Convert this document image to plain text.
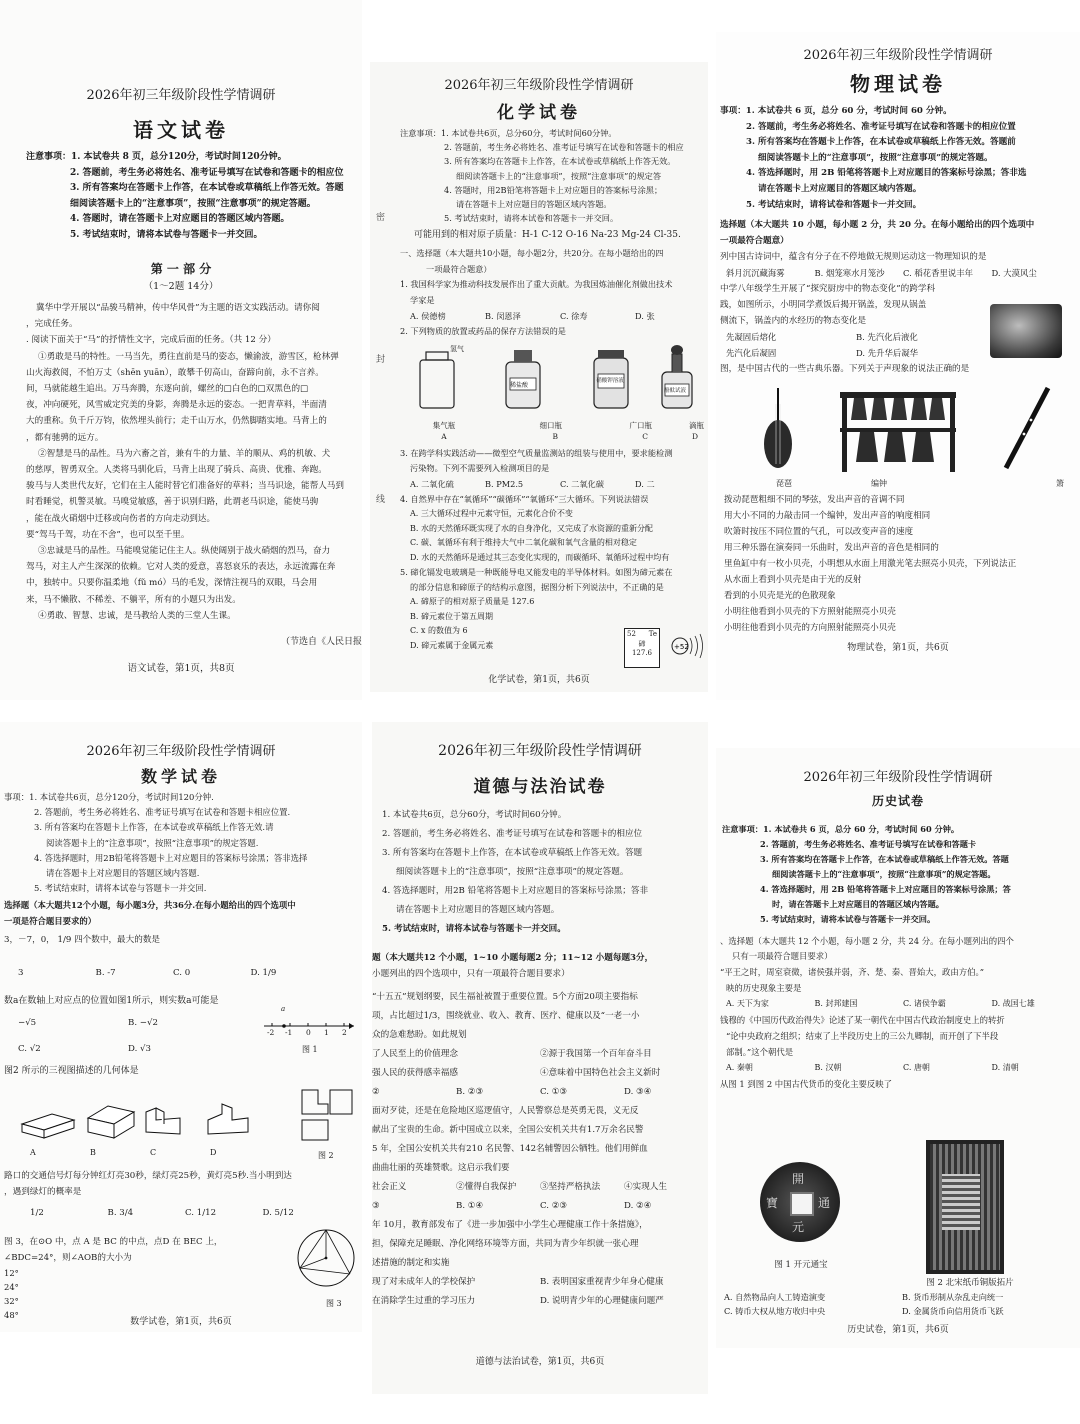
2026年初三年级阶段性学情调研
语文试卷
注意事项：1. 本试卷共 8 页，总分120分，考试时间120分钟。
2. 答题前，考生务必将姓名、准考证号填写在试卷和答题卡的相应位
3. 所有答案均在答题卡上作答，在本试卷或草稿纸上作答无效。答题
细阅读答题卡上的“注意事项”，按照“注意事项”的规定答题。
4. 答题时，请在答题卡上对应题目的答题区域内答题。
5. 考试结束时，请将本试卷与答题卡一并交回。
第 一 部 分
（1～2题 14分）
冀华中学开展以“品骏马精神，传中华风骨”为主题的语文实践活动。请你阅
，完成任务。
. 阅读下面关于“马”的抒情性文字，完成后面的任务。（共 12 分）
①勇敢是马的特性。一马当先，勇往直前是马的姿态，懒渝波，游雪区，枪林弹
山火海救阅，不怕万丈（shēn yuān），敢攀千仞高山，奋蹄向前，永不言养。
间，马就能越生追出。万马奔腾，东逐向前，螺丝的□白色的□双黑色的□
夜，冲向硬死，风雪威定究美的身影，奔腾是永远的姿态。一把青草料，半面清
大的重称。负千斤万钧，依然埋头前行；走千山万水，仍然脚踏实地。马背上的
，都有驰骋的远方。
②智慧是马的品性。马为六畜之首，兼有牛的力量、羊的顺从、鸡的机敏、犬
的慈厚，智勇双全。人类将马驯化后，马背上出现了骑兵、高贵、优雅、奔跑。
骏马与人类世代友好，它们在主人能时替它们准备好的草料；当马识途，能帮人马到
时看睡觉，机警灵敏。马嗅觉敏感，善于识别归路，此谓老马识途，能使马驹
，能在战火硝烟中迁移或向伤者的方向走动到达。
要“驾马千驾，功在不舍”，也可以至千里。
③忠诚是马的品性。马能嗅觉能记住主人。纵使阔别于战火硝烟的烈马，奋力
驾马，对主人产生深深的依赖。它对人类的爱意，喜怒哀乐的表达，永远流露在奔
中，独转中。只要你温柔地（fǔ mó）马的毛发，深情注视马的双眼，马会用
来，马不懒散、不稀差、不躺平，所有的小题只为出发。
④勇敢、智慧、忠诚，是马教给人类的三堂人生课。
（节选自《人民日报
语文试卷，第1页，共8页
2026年初三年级阶段性学情调研
化学试卷
密
封
线
注意事项：1. 本试卷共6页，总分60分，考试时间60分钟。
2. 答题前，考生务必将姓名、准考证号填写在试卷和答题卡的相应
3. 所有答案均在答题卡上作答，在本试卷或草稿纸上作答无效。
细阅读答题卡上的“注意事项”，按照“注意事项”的规定答
4. 答题时，用2B铅笔将答题卡上对应题目的答案标号涂黑；
请在答题卡上对应题目的答题区域内答题。
5. 考试结束时，请将本试卷和答题卡一并交回。
可能用到的相对原子质量：H-1 C-12 O-16 Na-23 Mg-24 Cl-35.
一、选择题（本大题共10小题，每小题2分，共20分。在每小题给出的四
一项最符合题意）
1. 我国科学家为推动科技发展作出了重大贡献。为我国炼油催化剂做出技术
学家是
A. 侯德榜	B. 闵恩泽	C. 徐寿	D. 张
2. 下列物质的放置或药品的保存方法错误的是
氢气
稀盐酸
硝酸钾溶液
酚酞试液
集气瓶	细口瓶	广口瓶	滴瓶
A	B	C	D
3. 在跨学科实践活动——微型空气质量监测站的组装与使用中，要求能检测
污染物。下列不需要列入检测项目的是
A. 二氧化硫	B. PM2.5	C. 二氧化碳	D. 二
4. 自然界中存在“氧循环”“碳循环”“氧循环”三大循环。下列说法错误
A. 三大循环过程中元素守恒，元素化合价不变
B. 水的天然循环既实现了水的自身净化，又完成了水资源的重新分配
C. 碳、氧循环有利于维持大气中二氧化碳和氧气含量的相对稳定
D. 水的天然循环是通过其三态变化实现的，而碳循环、氧循环过程中均有
5. 碲化镉发电玻璃是一种既能导电又能发电的半导体材料。如图为碲元素在
的部分信息和碲原子的结构示意图，据图分析下列说法中，不正确的是
A. 碲原子的相对原子质量是 127.6
B. 碲元素位于第五周期
C. x 的数值为 6
D. 碲元素属于金属元素
52 Te
碲
127.6
+52
化学试卷，第1页，共6页
2026年初三年级阶段性学情调研
物理试卷
事项：1. 本试卷共 6 页，总分 60 分，考试时间 60 分钟。
2. 答题前，考生务必将姓名、准考证号填写在试卷和答题卡的相应位置
3. 所有答案均在答题卡上作答，在本试卷或草稿纸上作答无效。答题前
细阅读答题卡上的“注意事项”，按照“注意事项”的规定答题。
4. 答选择题时，用 2B 铅笔将答题卡上对应题目的答案标号涂黑；答非选
请在答题卡上对应题目的答题区域内答题。
5. 考试结束时，请将试卷和答题卡一并交回。
选择题（本大题共 10 小题，每小题 2 分，共 20 分。在每小题给出的四个选项中
一项最符合题意）
列中国古诗词中，蕴含有分子在不停地做无规则运动这一物理知识的是
斜月沉沉藏海雾	B. 烟笼寒水月笼沙	C. 稻花香里说丰年	D. 大漠风尘
中学八年级学生开展了“探究厨房中的物态变化”的跨学科
践，如图所示，小明同学煮饭后揭开锅盖，发现从锅盖
侧流下，锅盖内的水经历的物态变化是
先凝固后熔化	B. 先汽化后液化
先汽化后凝固	D. 先升华后凝华
图，是中国古代的一些古典乐器。下列关于声现象的说法正确的是
琵琶	编钟	箫
拨动琵琶粗细不同的琴弦，发出声音的音调不同
用大小不同的力敲击同一个编钟，发出声音的响度相同
吹箫时按压不同位置的气孔，可以改变声音的速度
用三种乐器在演奏同一乐曲时，发出声音的音色是相同的
里鱼缸中有一枚小贝壳，小明想从水面上用激光笔去照亮小贝壳，下列说法正
从水面上看到小贝壳是由于光的反射
看到的小贝壳是光的色散现象
小明往他看到小贝壳的下方照射能照亮小贝壳
小明往他看到小贝壳的方向照射能照亮小贝壳
物理试卷，第1页，共6页
2026年初三年级阶段性学情调研
数学试卷
事项：1. 本试卷共6页，总分120分，考试时间120分钟.
2. 答题前，考生务必将姓名、准考证号填写在试卷和答题卡相应位置.
3. 所有答案均在答题卡上作答，在本试卷或草稿纸上作答无效.请
阅读答题卡上的“注意事项”，按照“注意事项”的规定答题.
4. 答选择题时，用2B铅笔将答题卡上对应题目的答案标号涂黑；答非选择
请在答题卡上对应题目的答题区域内答题.
5. 考试结束时，请将本试卷与答题卡一并交回.
选择题（本大题共12个小题，每小题3分，共36分.在每小题给出的四个选项中
一项是符合题目要求的）
3，－7，0， 1/9 四个数中，最大的数是
3	B. -7	C. 0	D. 1/9
数a在数轴上对应点的位置如图1所示，则实数a可能是
−√5	B. −√2
C. √2	D. √3
-2 -1 0 1 2
a
图 1
图2 所示的三视图描述的几何体是
A	B	C	D	图 2
路口的交通信号灯每分钟红灯亮30秒，绿灯亮25秒，黄灯亮5秒.当小明到达
，遇到绿灯的概率是
1/2	B. 3/4	C. 1/12	D. 5/12
图 3，在⊙O 中，点 A 是 BC 的中点，点D 在 BEC 上，
∠BDC=24°，则∠AOB的大小为
12°
24°
32°
48°
图 3
数学试卷，第1页，共6页
2026年初三年级阶段性学情调研
道德与法治试卷
1. 本试卷共6页，总分60分，考试时间60分钟。
2. 答题前，考生务必将姓名、准考证号填写在试卷和答题卡的相应位
3. 所有答案均在答题卡上作答，在本试卷或草稿纸上作答无效。答题
细阅读答题卡上的“注意事项”，按照“注意事项”的规定答题。
4. 答选择题时，用2B 铅笔将答题卡上对应题目的答案标号涂黑；答非
请在答题卡上对应题目的答题区域内答题。
5. 考试结束时，请将本试卷与答题卡一并交回。
题（本大题共12 个小题，1~10 小题每题2 分；11~12 小题每题3分，
小题列出的四个选项中，只有一项最符合题目要求）
“十五五”规划纲要，民生福祉被置于重要位置。5个方面20项主要指标
项，占比超过1/3，围绕就业、收入、教育、医疗、健康以及“一老一小
众的急难愁盼。如此规划
了人民至上的价值理念	②源于我国第一个百年奋斗目
强人民的获得感幸福感	④意味着中国特色社会主义新时
②	B. ②③	C. ①③	D. ③④
面对歹徒，还是在危险地区巡逻值守，人民警察总是英勇无畏，义无反
献出了宝贵的生命。新中国成立以来，全国公安机关共有1.7万余名民警
5 年，全国公安机关共有210 名民警、142名辅警因公牺牲。他们用鲜血
曲曲壮丽的英雄赞歌。这启示我们要
社会正义	②懂得自我保护	③坚持严格执法	④实现人生
③	B. ①④	C. ②③	D. ②④
年 10月，教育部发布了《进一步加强中小学生心理健康工作十条措施》，
担，保障充足睡眠、净化网络环境等方面，共同为青少年织就一张心理
述措施的制定和实施
现了对未成年人的学校保护	B. 表明国家重视青少年身心健康
在消除学生过重的学习压力	D. 说明青少年的心理健康问题严
道德与法治试卷，第1页，共6页
2026年初三年级阶段性学情调研
历史试卷
注意事项：1. 本试卷共 6 页，总分 60 分，考试时间 60 分钟。
2. 答题前，考生务必将姓名、准考证号填写在试卷和答题卡
3. 所有答案均在答题卡上作答，在本试卷或草稿纸上作答无效。答题
细阅读答题卡上的“注意事项”，按照“注意事项”的规定答题。
4. 答选择题时，用 2B 铅笔将答题卡上对应题目的答案标号涂黑；答
时，请在答题卡上对应题目的答题区域内答题。
5. 考试结束时，请将本试卷与答题卡一并交回。
、选择题（本大题共 12 个小题，每小题 2 分，共 24 分。在每小题列出的四个
只有一项最符合题目要求）
“平王之时，周室衰微，诸侯强并弱，齐、楚、秦、晋始大，政由方伯。”
映的历史现象主要是
A. 天下为家	B. 封邦建国	C. 诸侯争霸	D. 战国七雄
钱穆的《中国历代政治得失》论述了某一朝代在中国古代政治制度史上的转折
“论中央政府之组织；结束了上半段历史上的三公九卿制，而开创了下半段
部制。”这个朝代是
A. 秦朝	B. 汉朝	C. 唐朝	D. 清朝
从图 1 到图 2 中国古代货币的变化主要反映了
開
元
通
寶
图 1 开元通宝
图 2 北宋纸币铜版拓片
A. 自然物品向人工铸造演变	B. 货币形制从杂乱走向统一
C. 铸币大权从地方收归中央	D. 金属货币向信用货币飞跃
历史试卷，第1页，共6页
